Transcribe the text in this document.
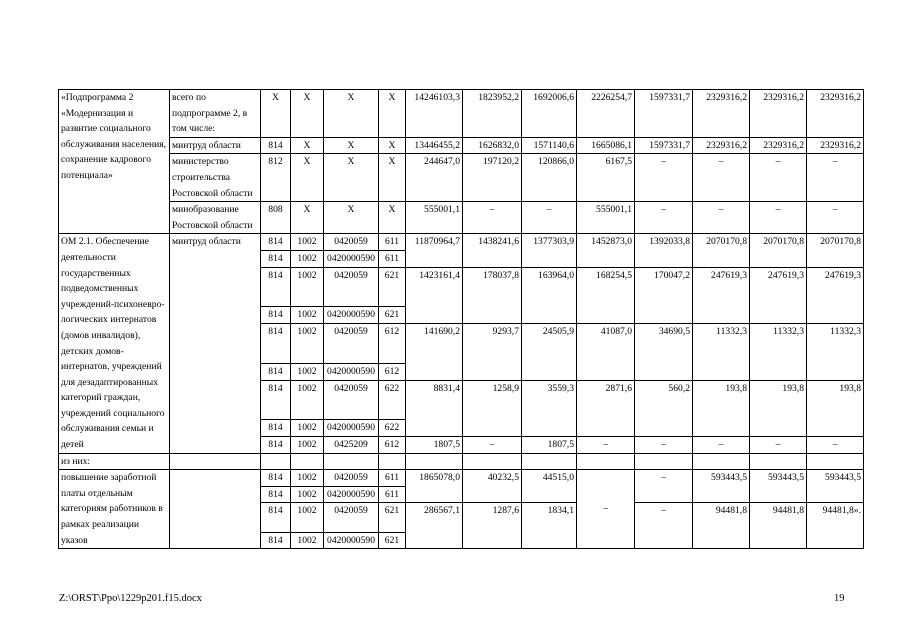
«Подпрограмма 2 «Модернизация и развитие социального обслуживания населения, сохранение кадрового потенциала»	всего по подпрограмме 2, в том числе:	Х	Х	Х	Х	14246103,3	1823952,2	1692006,6	2226254,7	1597331,7	2329316,2	2329316,2	2329316,2
	минтруд области	814	Х	Х	Х	13446455,2	1626832,0	1571140,6	1665086,1	1597331,7	2329316,2	2329316,2	2329316,2
	министерство строительства Ростовской области	812	Х	Х	Х	244647,0	197120,2	120866,0	6167,5	–	–	–	–
	минобразование Ростовской области	808	Х	Х	Х	555001,1	–	–	555001,1	–	–	–	–
ОМ 2.1. Обеспечение деятельности государственных подведомственных учреждений-психоневро-логических интернатов (домов инвалидов), детских домов-интернатов, учреждений для дезадаптированных категорий граждан, учреждений социального обслуживания семьи и детей	минтруд области	814	1002	0420059	611	11870964,7	1438241,6	1377303,9	1452873,0	1392033,8	2070170,8	2070170,8	2070170,8
		814	1002	0420000590	611								
		814	1002	0420059	621	1423161,4	178037,8	163964,0	168254,5	170047,2	247619,3	247619,3	247619,3
		814	1002	0420000590	621								
		814	1002	0420059	612	141690,2	9293,7	24505,9	41087,0	34690,5	11332,3	11332,3	11332,3
		814	1002	0420000590	612								
		814	1002	0420059	622	8831,4	1258,9	3559,3	2871,6	560,2	193,8	193,8	193,8
		814	1002	0420000590	622								
		814	1002	0425209	612	1807,5	–	1807,5	–	–	–	–	–
из них:													
повышение заработной платы отдельным категориям работников в рамках реализации указов		814	1002	0420059	611	1865078,0	40232,5	44515,0	–	–	593443,5	593443,5	593443,5
		814	1002	0420000590	611								
		814	1002	0420059	621	286567,1	1287,6	1834,1		–	94481,8	94481,8	94481,8».
		814	1002	0420000590	621								
Z:\ORST\Ppo\1229p201.f15.docx	19
